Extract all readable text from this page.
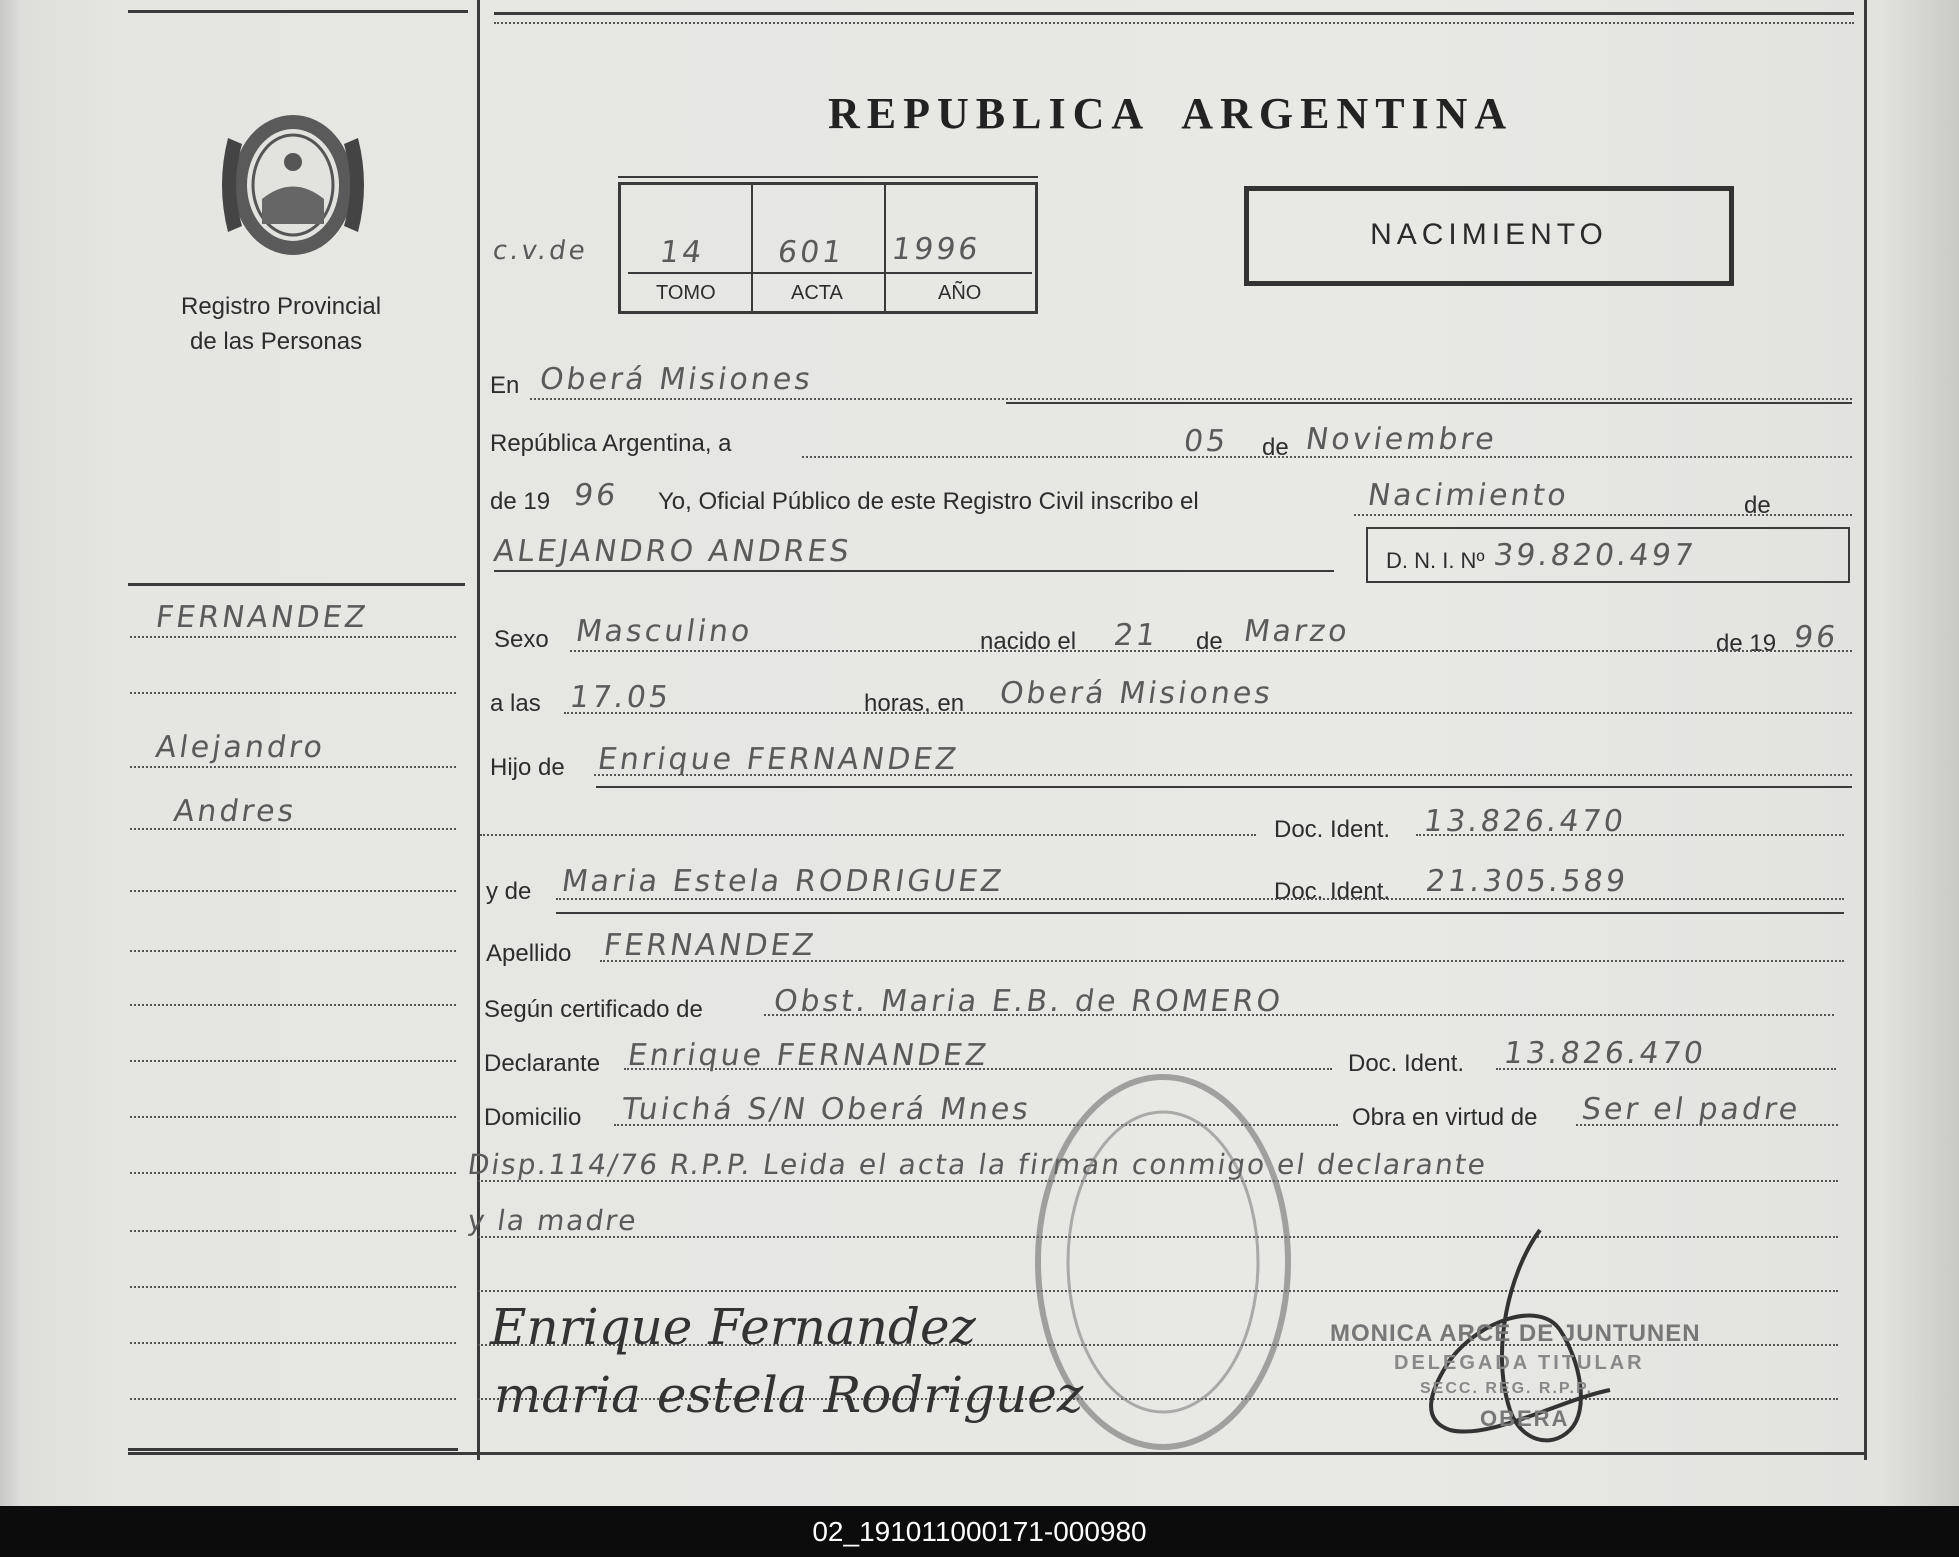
Registro Provincial
de las Personas
REPUBLICA  ARGENTINA
c.v.de 14 601 1996
TOMO	ACTA	AÑO
NACIMIENTO
En Oberá Misiones
República Argentina, a	05 de Noviembre
de 19 96 Yo, Oficial Público de este Registro Civil inscribo el	Nacimiento	de
ALEJANDRO ANDRES	D. N. I. Nº 39.820.497
Sexo Masculino	nacido el 21 de Marzo	de 19 96
a las 17.05	horas, en Oberá Misiones
Hijo de Enrique FERNANDEZ
Doc. Ident. 13.826.470
y de Maria Estela RODRIGUEZ	Doc. Ident. 21.305.589
Apellido FERNANDEZ
Según certificado de Obst. Maria E.B. de ROMERO
Declarante Enrique FERNANDEZ	Doc. Ident. 13.826.470
Domicilio Tuichá S/N Oberá Mnes	Obra en virtud de Ser el padre
Disp.114/76 R.P.P. Leida el acta la firman conmigo el declarante
y la madre
FERNANDEZ
Alejandro
Andres
Enrique Fernandez
maria estela Rodriguez
MONICA ARCE DE JUNTUNEN
DELEGADA TITULAR
SECC. REG. R.P.P.
OBERA
02_191011000171-000980
